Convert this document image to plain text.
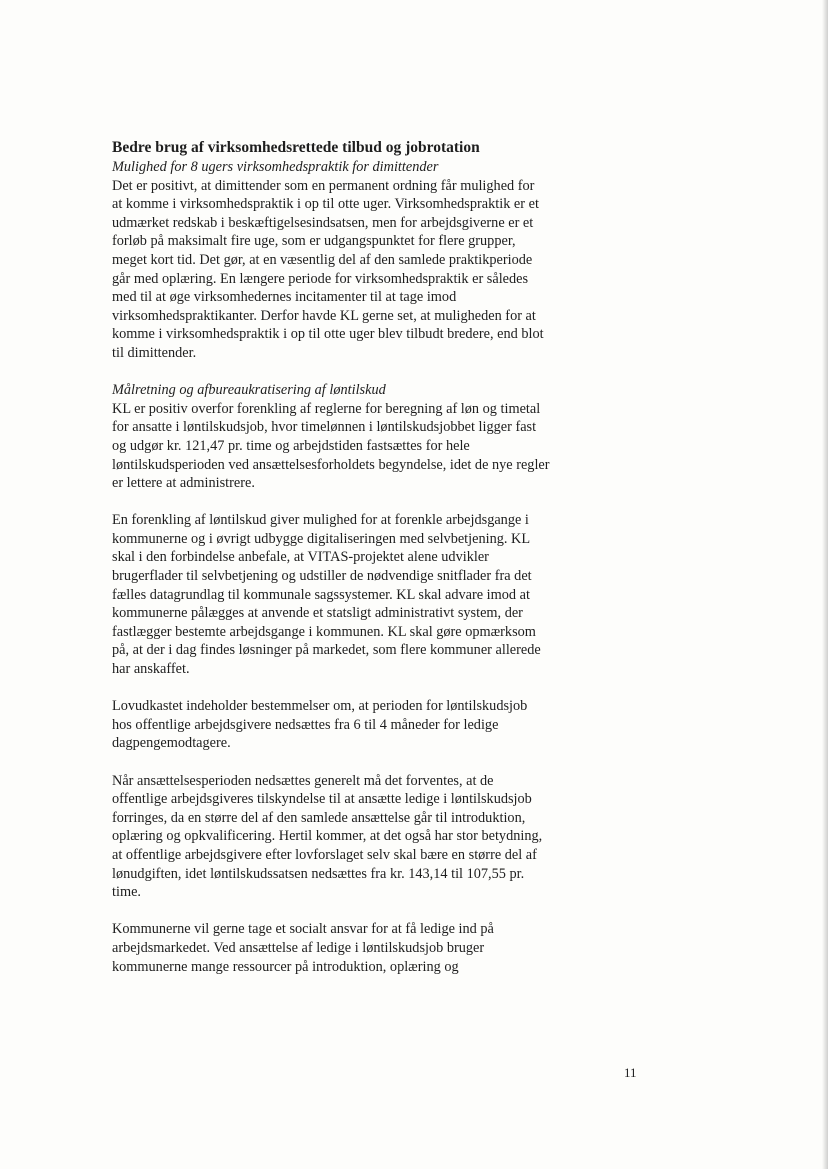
Bedre brug af virksomhedsrettede tilbud og jobrotation

Mulighed for 8 ugers virksomhedspraktik for dimittender

Det er positivt, at dimittender som en permanent ordning får mulighed for
at komme i virksomhedspraktik i op til otte uger. Virksomhedspraktik er et
udmærket redskab i beskæftigelsesindsatsen, men for arbejdsgiverne er et
forløb på maksimalt fire uge, som er udgangspunktet for flere grupper,
meget kort tid. Det gør, at en væsentlig del af den samlede praktikperiode
går med oplæring. En længere periode for virksomhedspraktik er således
med til at øge virksomhedernes incitamenter til at tage imod
virksomhedspraktikanter. Derfor havde KL gerne set, at muligheden for at
komme i virksomhedspraktik i op til otte uger blev tilbudt bredere, end blot
til dimittender.

Målretning og afbureaukratisering af løntilskud

KL er positiv overfor forenkling af reglerne for beregning af løn og timetal
for ansatte i løntilskudsjob, hvor timelønnen i løntilskudsjobbet ligger fast
og udgør kr. 121,47 pr. time og arbejdstiden fastsættes for hele
løntilskudsperioden ved ansættelsesforholdets begyndelse, idet de nye regler
er lettere at administrere.

En forenkling af løntilskud giver mulighed for at forenkle arbejdsgange i
kommunerne og i øvrigt udbygge digitaliseringen med selvbetjening. KL
skal i den forbindelse anbefale, at VITAS-projektet alene udvikler
brugerflader til selvbetjening og udstiller de nødvendige snitflader fra det
fælles datagrundlag til kommunale sagssystemer. KL skal advare imod at
kommunerne pålægges at anvende et statsligt administrativt system, der
fastlægger bestemte arbejdsgange i kommunen. KL skal gøre opmærksom
på, at der i dag findes løsninger på markedet, som flere kommuner allerede
har anskaffet.

Lovudkastet indeholder bestemmelser om, at perioden for løntilskudsjob
hos offentlige arbejdsgivere nedsættes fra 6 til 4 måneder for ledige
dagpengemodtagere.

Når ansættelsesperioden nedsættes generelt må det forventes, at de
offentlige arbejdsgiveres tilskyndelse til at ansætte ledige i løntilskudsjob
forringes, da en større del af den samlede ansættelse går til introduktion,
oplæring og opkvalificering. Hertil kommer, at det også har stor betydning,
at offentlige arbejdsgivere efter lovforslaget selv skal bære en større del af
lønudgiften, idet løntilskudssatsen nedsættes fra kr. 143,14 til 107,55 pr.
time.

Kommunerne vil gerne tage et socialt ansvar for at få ledige ind på
arbejdsmarkedet. Ved ansættelse af ledige i løntilskudsjob bruger
kommunerne mange ressourcer på introduktion, oplæring og

11
